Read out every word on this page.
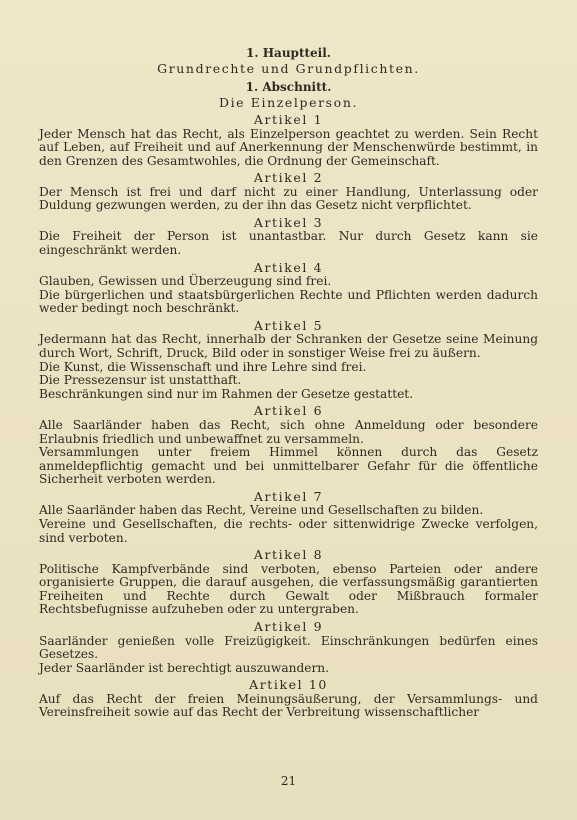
1. Hauptteil.
Grundrechte und Grundpflichten.
1. Abschnitt.
Die Einzelperson.
Artikel 1

Jeder Mensch hat das Recht, als Einzelperson geachtet zu werden. Sein Recht auf Leben, auf Freiheit und auf Anerkennung der Menschenwürde bestimmt, in den Grenzen des Gesamtwohles, die Ordnung der Gemeinschaft.

Artikel 2

Der Mensch ist frei und darf nicht zu einer Handlung, Unterlassung oder Duldung gezwungen werden, zu der ihn das Gesetz nicht verpflichtet.

Artikel 3

Die Freiheit der Person ist unantastbar. Nur durch Gesetz kann sie eingeschränkt werden.

Artikel 4

Glauben, Gewissen und Überzeugung sind frei.

Die bürgerlichen und staatsbürgerlichen Rechte und Pflichten werden dadurch weder bedingt noch beschränkt.

Artikel 5

Jedermann hat das Recht, innerhalb der Schranken der Gesetze seine Meinung durch Wort, Schrift, Druck, Bild oder in sonstiger Weise frei zu äußern.

Die Kunst, die Wissenschaft und ihre Lehre sind frei.

Die Pressezensur ist unstatthaft.

Beschränkungen sind nur im Rahmen der Gesetze gestattet.

Artikel 6

Alle Saarländer haben das Recht, sich ohne Anmeldung oder besondere Erlaubnis friedlich und unbewaffnet zu versammeln.

Versammlungen unter freiem Himmel können durch das Gesetz anmeldepflichtig gemacht und bei unmittelbarer Gefahr für die öffentliche Sicherheit verboten werden.

Artikel 7

Alle Saarländer haben das Recht, Vereine und Gesellschaften zu bilden.

Vereine und Gesellschaften, die rechts- oder sittenwidrige Zwecke verfolgen, sind verboten.

Artikel 8

Politische Kampfverbände sind verboten, ebenso Parteien oder andere organisierte Gruppen, die darauf ausgehen, die verfassungsmäßig garantierten Freiheiten und Rechte durch Gewalt oder Mißbrauch formaler Rechtsbefugnisse aufzuheben oder zu untergraben.

Artikel 9

Saarländer genießen volle Freizügigkeit. Einschränkungen bedürfen eines Gesetzes.

Jeder Saarländer ist berechtigt auszuwandern.

Artikel 10

Auf das Recht der freien Meinungsäußerung, der Versammlungs- und Vereinsfreiheit sowie auf das Recht der Verbreitung wissenschaftlicher

21
